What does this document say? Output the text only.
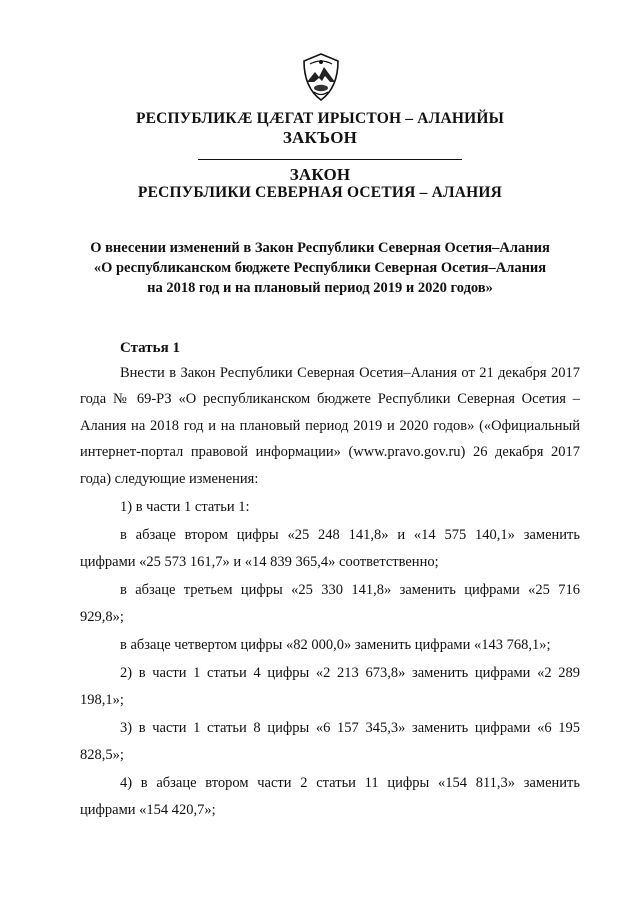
РЕСПУБЛИКӔ ЦӔГАТ ИРЫСТОН – АЛАНИЙЫ
ЗАКЪОН
ЗАКОН
РЕСПУБЛИКИ СЕВЕРНАЯ ОСЕТИЯ – АЛАНИЯ
О внесении изменений в Закон Республики Северная Осетия–Алания
«О республиканском бюджете Республики Северная Осетия–Алания
на 2018 год и на плановый период 2019 и 2020 годов»
Статья 1

Внести в Закон Республики Северная Осетия–Алания от 21 декабря 2017 года № 69-РЗ «О республиканском бюджете Республики Северная Осетия – Алания на 2018 год и на плановый период 2019 и 2020 годов» («Официальный интернет-портал правовой информации» (www.pravo.gov.ru) 26 декабря 2017 года) следующие изменения:

1) в части 1 статьи 1:

в абзаце втором цифры «25 248 141,8» и «14 575 140,1» заменить цифрами «25 573 161,7» и «14 839 365,4» соответственно;

в абзаце третьем цифры «25 330 141,8» заменить цифрами «25 716 929,8»;

в абзаце четвертом цифры «82 000,0» заменить цифрами «143 768,1»;

2) в части 1 статьи 4 цифры «2 213 673,8» заменить цифрами «2 289 198,1»;

3) в части 1 статьи 8 цифры «6 157 345,3» заменить цифрами «6 195 828,5»;

4) в абзаце втором части 2 статьи 11 цифры «154 811,3» заменить цифрами «154 420,7»;
